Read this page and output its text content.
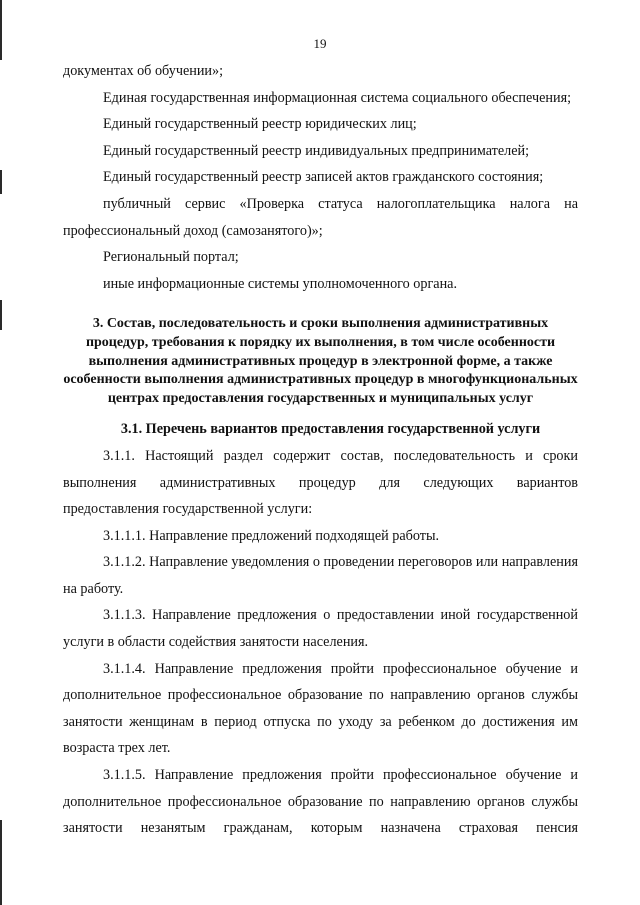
19

документах об обучении»;

Единая государственная информационная система социального обеспечения;

Единый государственный реестр юридических лиц;

Единый государственный реестр индивидуальных предпринимателей;

Единый государственный реестр записей актов гражданского состояния;

публичный сервис «Проверка статуса налогоплательщика налога на профессиональный доход (самозанятого)»;

Региональный портал;

иные информационные системы уполномоченного органа.

3. Состав, последовательность и сроки выполнения административных процедур, требования к порядку их выполнения, в том числе особенности выполнения административных процедур в электронной форме, а также особенности выполнения административных процедур в многофункциональных центрах предоставления государственных и муниципальных услуг
3.1. Перечень вариантов предоставления государственной услуги

3.1.1. Настоящий раздел содержит состав, последовательность и сроки выполнения административных процедур для следующих вариантов предоставления государственной услуги:

3.1.1.1. Направление предложений подходящей работы.

3.1.1.2. Направление уведомления о проведении переговоров или направления на работу.

3.1.1.3. Направление предложения о предоставлении иной государственной услуги в области содействия занятости населения.

3.1.1.4. Направление предложения пройти профессиональное обучение и дополнительное профессиональное образование по направлению органов службы занятости женщинам в период отпуска по уходу за ребенком до достижения им возраста трех лет.

3.1.1.5. Направление предложения пройти профессиональное обучение и дополнительное профессиональное образование по направлению органов службы занятости незанятым гражданам, которым назначена страховая пенсия
